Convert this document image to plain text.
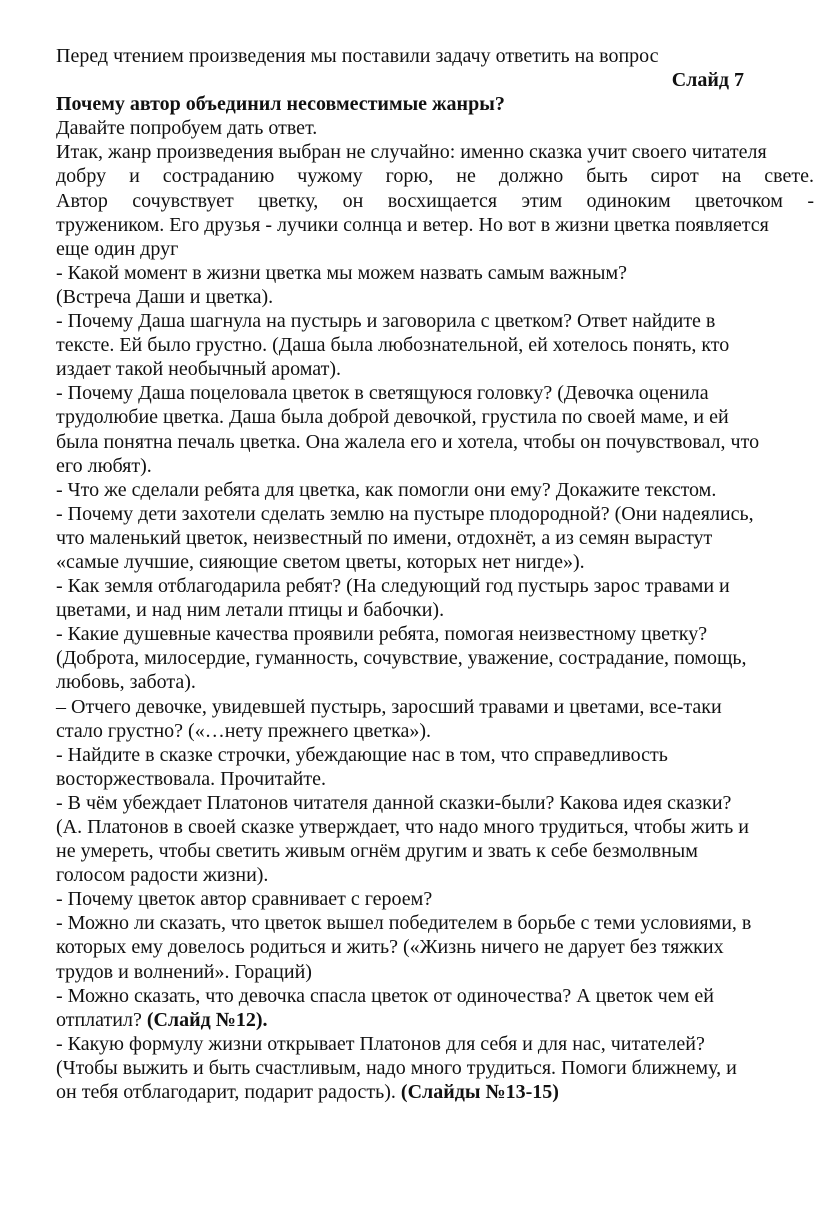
Перед чтением произведения мы поставили задачу ответить на вопрос

Слайд 7

Почему автор объединил несовместимые жанры?

Давайте попробуем дать ответ.

Итак, жанр произведения выбран не случайно: именно сказка учит своего читателя

добру и состраданию чужому горю, не должно быть сирот на свете.

Автор сочувствует цветку, он восхищается этим одиноким цветочком -

тружеником. Его друзья - лучики солнца и ветер. Но вот в жизни цветка появляется

еще один друг

- Какой момент в жизни цветка мы можем назвать самым важным?

(Встреча Даши и цветка).

- Почему Даша шагнула на пустырь и заговорила с цветком? Ответ найдите в

тексте. Ей было грустно. (Даша была любознательной, ей хотелось понять, кто

издает такой необычный аромат).

- Почему Даша поцеловала цветок в светящуюся головку? (Девочка оценила

трудолюбие цветка. Даша была доброй девочкой, грустила по своей маме, и ей

была понятна печаль цветка. Она жалела его и хотела, чтобы он почувствовал, что

его любят).

- Что же сделали ребята для цветка, как помогли они ему? Докажите текстом.

- Почему дети захотели сделать землю на пустыре плодородной? (Они надеялись,

что маленький цветок, неизвестный по имени, отдохнёт, а из семян вырастут

«самые лучшие, сияющие светом цветы, которых нет нигде»).

- Как земля отблагодарила ребят? (На следующий год пустырь зарос травами и

цветами, и над ним летали птицы и бабочки).

- Какие душевные качества проявили ребята, помогая неизвестному цветку?

(Доброта, милосердие, гуманность, сочувствие, уважение, сострадание, помощь,

любовь, забота).

– Отчего девочке, увидевшей пустырь, заросший травами и цветами, все-таки

стало грустно? («…нету прежнего цветка»).

- Найдите в сказке строчки, убеждающие нас в том, что справедливость

восторжествовала. Прочитайте.

- В чём убеждает Платонов читателя данной сказки-были? Какова идея сказки?

(А. Платонов в своей сказке утверждает, что надо много трудиться, чтобы жить и

не умереть, чтобы светить живым огнём другим и звать к себе безмолвным

голосом радости жизни).

- Почему цветок автор сравнивает с героем?

- Можно ли сказать, что цветок вышел победителем в борьбе с теми условиями, в

которых ему довелось родиться и жить? («Жизнь ничего не дарует без тяжких

трудов и волнений». Гораций)

- Можно сказать, что девочка спасла цветок от одиночества? А цветок чем ей

отплатил? (Слайд №12).

- Какую формулу жизни открывает Платонов для себя и для нас, читателей?

(Чтобы выжить и быть счастливым, надо много трудиться. Помоги ближнему, и

он тебя отблагодарит, подарит радость). (Слайды №13-15)
